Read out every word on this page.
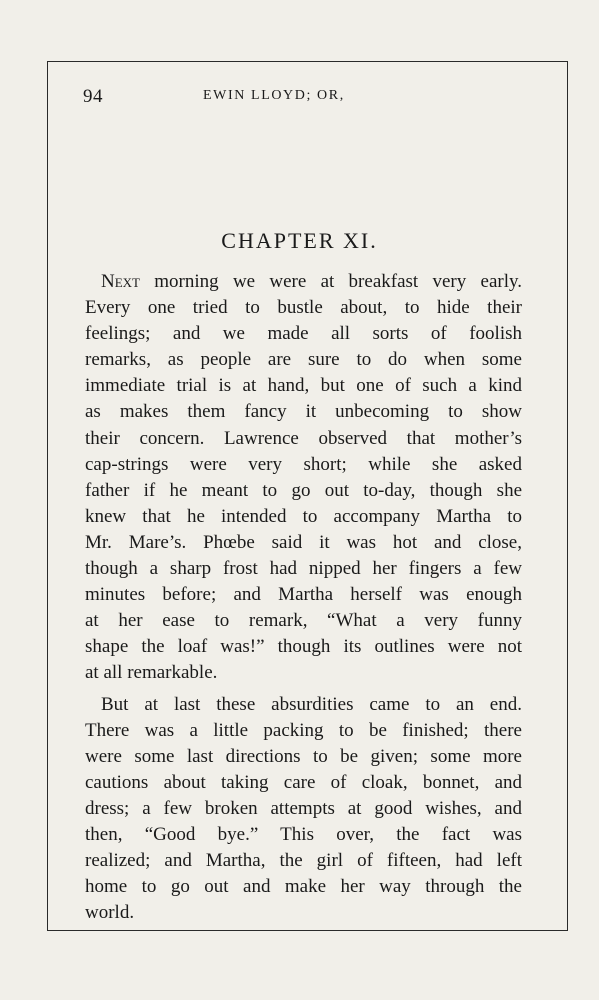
94	EWIN LLOYD; OR,
CHAPTER XI.
Next morning we were at breakfast very early.
Every one tried to bustle about, to hide their
feelings; and we made all sorts of foolish
remarks, as people are sure to do when some
immediate trial is at hand, but one of such a kind
as makes them fancy it unbecoming to show
their concern. Lawrence observed that mother’s
cap-strings were very short; while she asked
father if he meant to go out to-day, though she
knew that he intended to accompany Martha to
Mr. Mare’s. Phœbe said it was hot and close,
though a sharp frost had nipped her fingers a few
minutes before; and Martha herself was enough
at her ease to remark, “What a very funny
shape the loaf was!” though its outlines were not
at all remarkable.
But at last these absurdities came to an end.
There was a little packing to be finished; there
were some last directions to be given; some more
cautions about taking care of cloak, bonnet, and
dress; a few broken attempts at good wishes, and
then, “Good bye.” This over, the fact was
realized; and Martha, the girl of fifteen, had left
home to go out and make her way through the
world.
